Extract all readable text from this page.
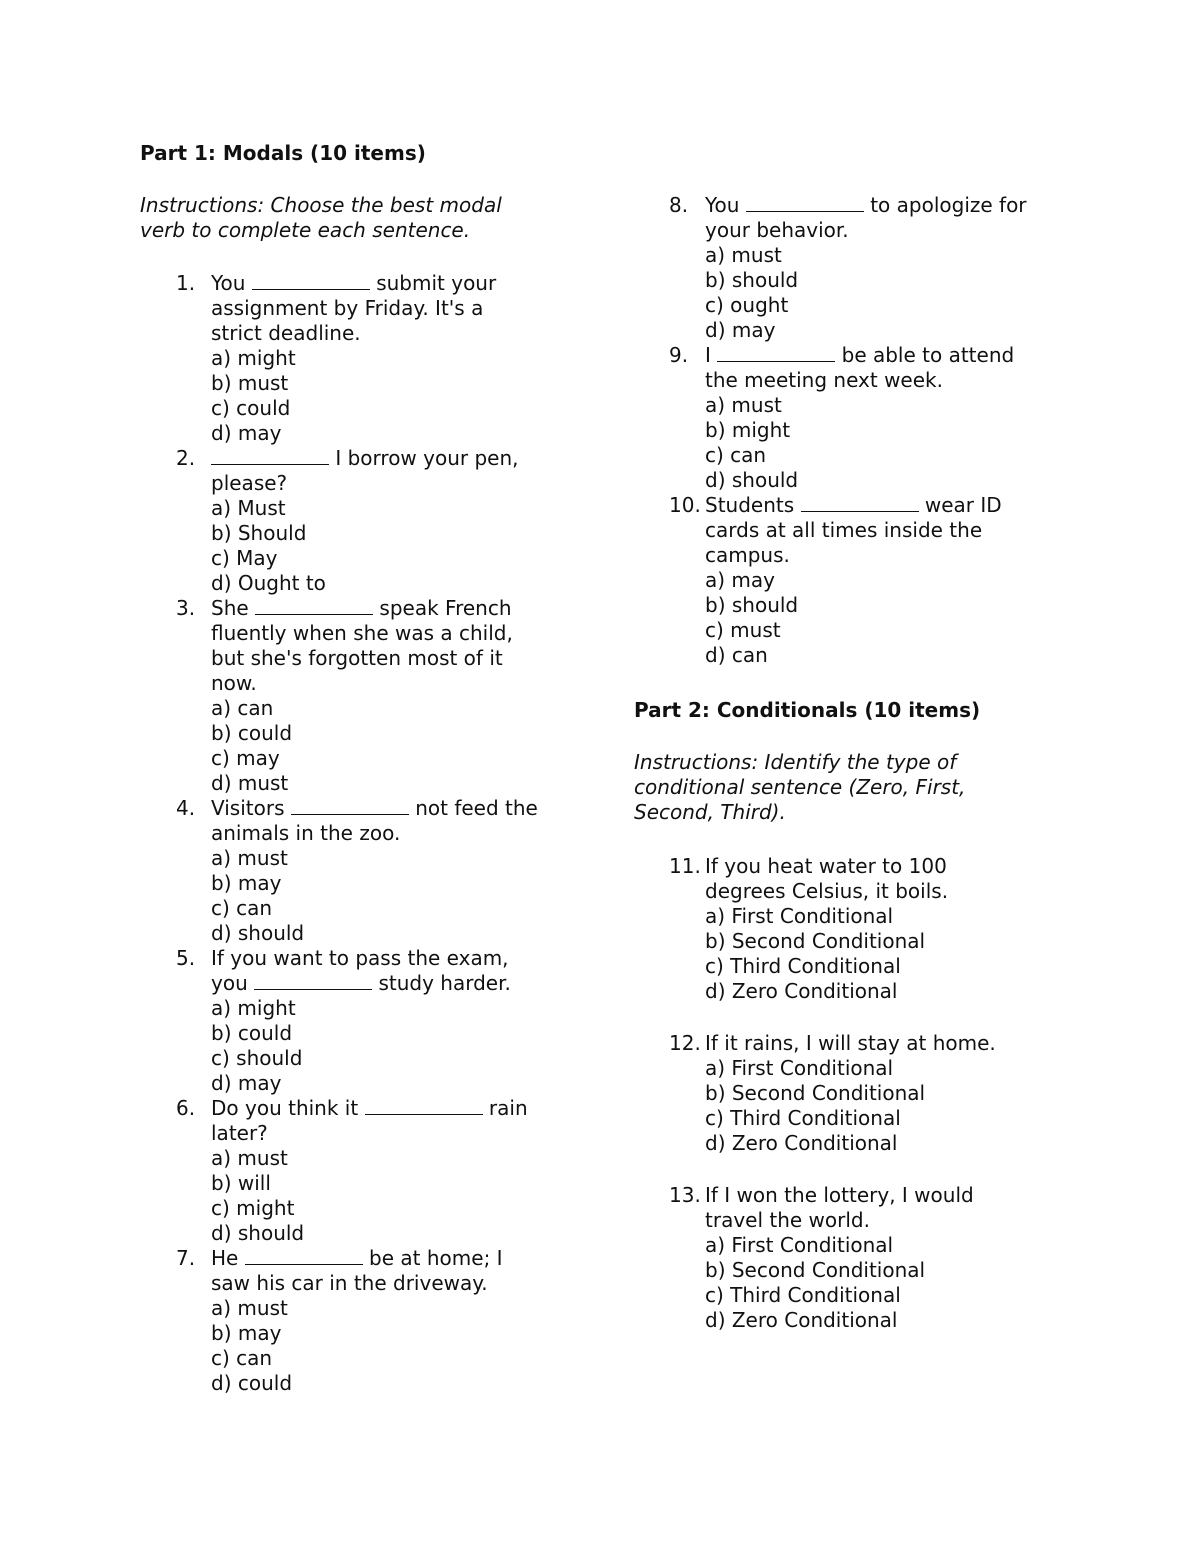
Part 1: Modals (10 items)
Instructions: Choose the best modal
verb to complete each sentence.
1. You	submit your
assignment by Friday. It's a
strict deadline.
a) might
b) must
c) could
d) may
2.	I borrow your pen,
please?
a) Must
b) Should
c) May
d) Ought to
3. She	speak French
fluently when she was a child,
but she's forgotten most of it
now.
a) can
b) could
c) may
d) must
4. Visitors	not feed the
animals in the zoo.
a) must
b) may
c) can
d) should
5. If you want to pass the exam,
you	study harder.
a) might
b) could
c) should
d) may
6. Do you think it	rain
later?
a) must
b) will
c) might
d) should
7. He	be at home; I
saw his car in the driveway.
a) must
b) may
c) can
d) could
8. You	to apologize for
your behavior.
a) must
b) should
c) ought
d) may
9. I	be able to attend
the meeting next week.
a) must
b) might
c) can
d) should
10. Students	wear ID
cards at all times inside the
campus.
a) may
b) should
c) must
d) can
Part 2: Conditionals (10 items)
Instructions: Identify the type of
conditional sentence (Zero, First,
Second, Third).
11. If you heat water to 100
degrees Celsius, it boils.
a) First Conditional
b) Second Conditional
c) Third Conditional
d) Zero Conditional
12. If it rains, I will stay at home.
a) First Conditional
b) Second Conditional
c) Third Conditional
d) Zero Conditional
13. If I won the lottery, I would
travel the world.
a) First Conditional
b) Second Conditional
c) Third Conditional
d) Zero Conditional
